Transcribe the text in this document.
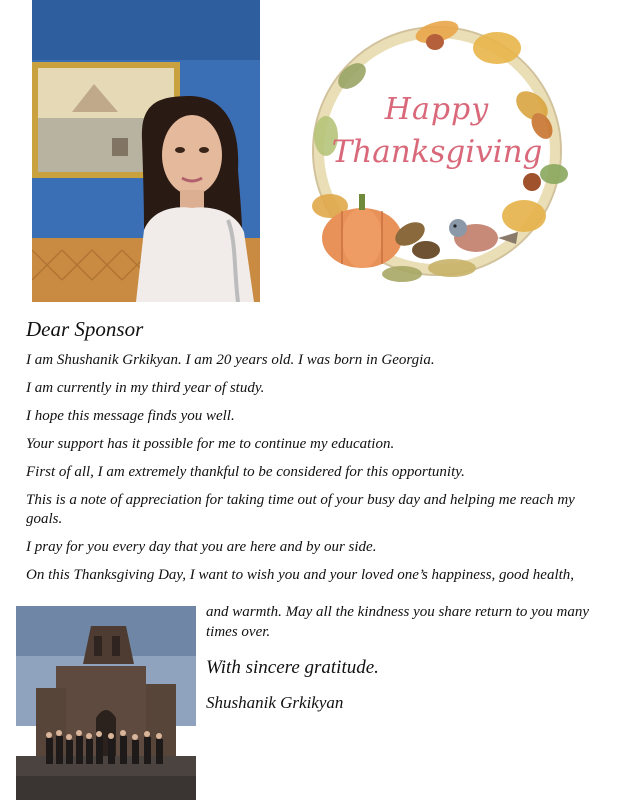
Happy
Thanksgiving

Dear Sponsor

I am Shushanik Grkikyan. I am 20 years old. I was born in Georgia.

I am currently in my third year of study.

I hope this message finds you well.

Your support has it possible for me to continue my education.

First of all, I am extremely thankful to be considered for this opportunity.

This is a note of appreciation for taking time out of your busy day and helping me reach my goals.

I pray for you every day that you are here and by our side.

On this Thanksgiving Day, I want to wish you and your loved one’s happiness, good health,

and warmth. May all the kindness you share return to you many times over.

With sincere gratitude.

Shushanik Grkikyan
